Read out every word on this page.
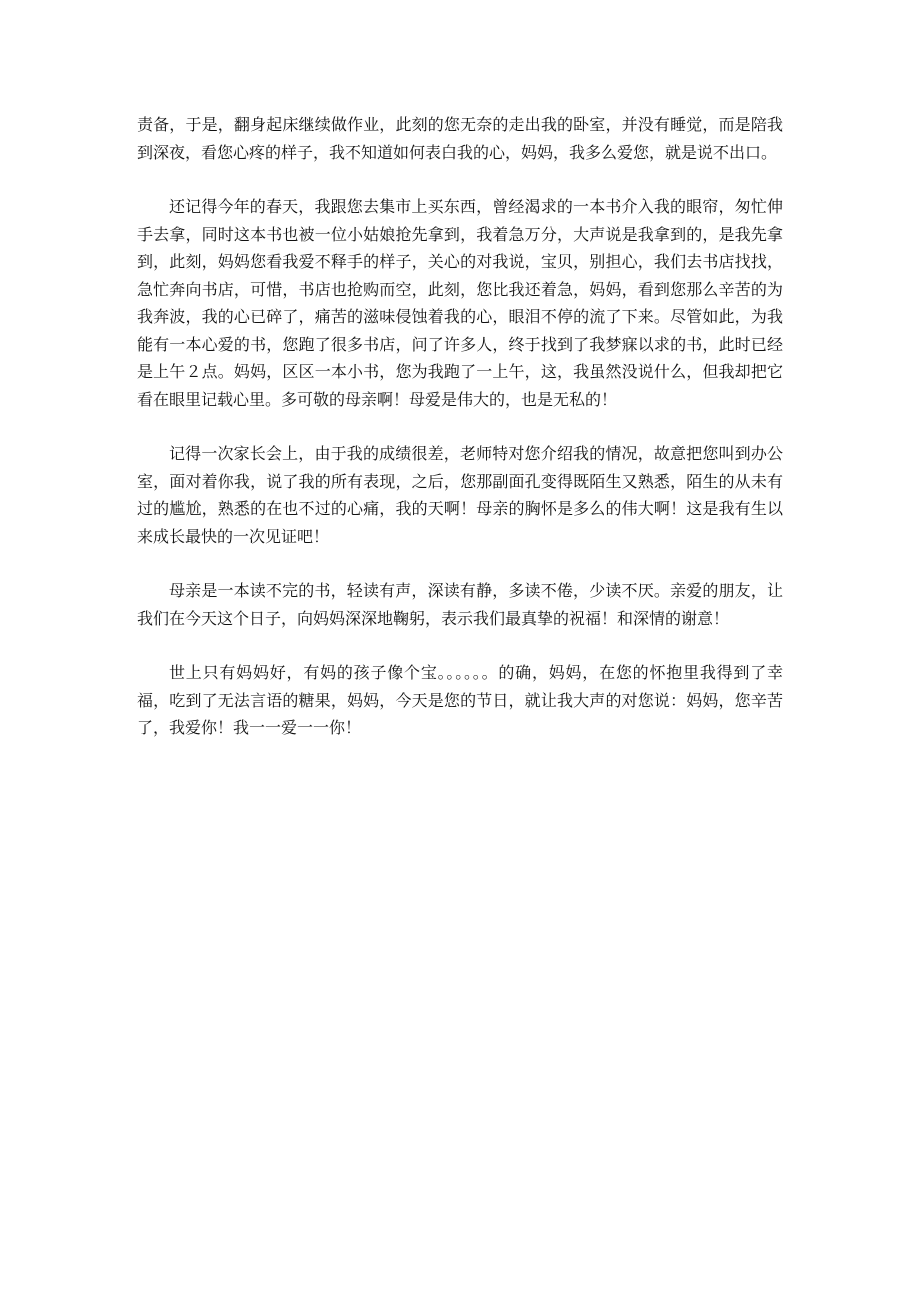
责备，于是，翻身起床继续做作业，此刻的您无奈的走出我的卧室，并没有睡觉，而是陪我到深夜，看您心疼的样子，我不知道如何表白我的心，妈妈，我多么爱您，就是说不出口。

还记得今年的春天，我跟您去集市上买东西，曾经渴求的一本书介入我的眼帘，匆忙伸手去拿，同时这本书也被一位小姑娘抢先拿到，我着急万分，大声说是我拿到的，是我先拿到，此刻，妈妈您看我爱不释手的样子，关心的对我说，宝贝，别担心，我们去书店找找，急忙奔向书店，可惜，书店也抢购而空，此刻，您比我还着急，妈妈，看到您那么辛苦的为我奔波，我的心已碎了，痛苦的滋味侵蚀着我的心，眼泪不停的流了下来。尽管如此，为我能有一本心爱的书，您跑了很多书店，问了许多人，终于找到了我梦寐以求的书，此时已经是上午２点。妈妈，区区一本小书，您为我跑了一上午，这，我虽然没说什么，但我却把它看在眼里记载心里。多可敬的母亲啊！母爱是伟大的，也是无私的！

记得一次家长会上，由于我的成绩很差，老师特对您介绍我的情况，故意把您叫到办公室，面对着你我，说了我的所有表现，之后，您那副面孔变得既陌生又熟悉，陌生的从未有过的尴尬，熟悉的在也不过的心痛，我的天啊！母亲的胸怀是多么的伟大啊！这是我有生以来成长最快的一次见证吧！

母亲是一本读不完的书，轻读有声，深读有静，多读不倦，少读不厌。亲爱的朋友，让我们在今天这个日子，向妈妈深深地鞠躬，表示我们最真挚的祝福！和深情的谢意！

世上只有妈妈好，有妈的孩子像个宝。。。。。。的确，妈妈，在您的怀抱里我得到了幸福，吃到了无法言语的糖果，妈妈，今天是您的节日，就让我大声的对您说：妈妈，您辛苦了，我爱你！我一一爱一一你！
